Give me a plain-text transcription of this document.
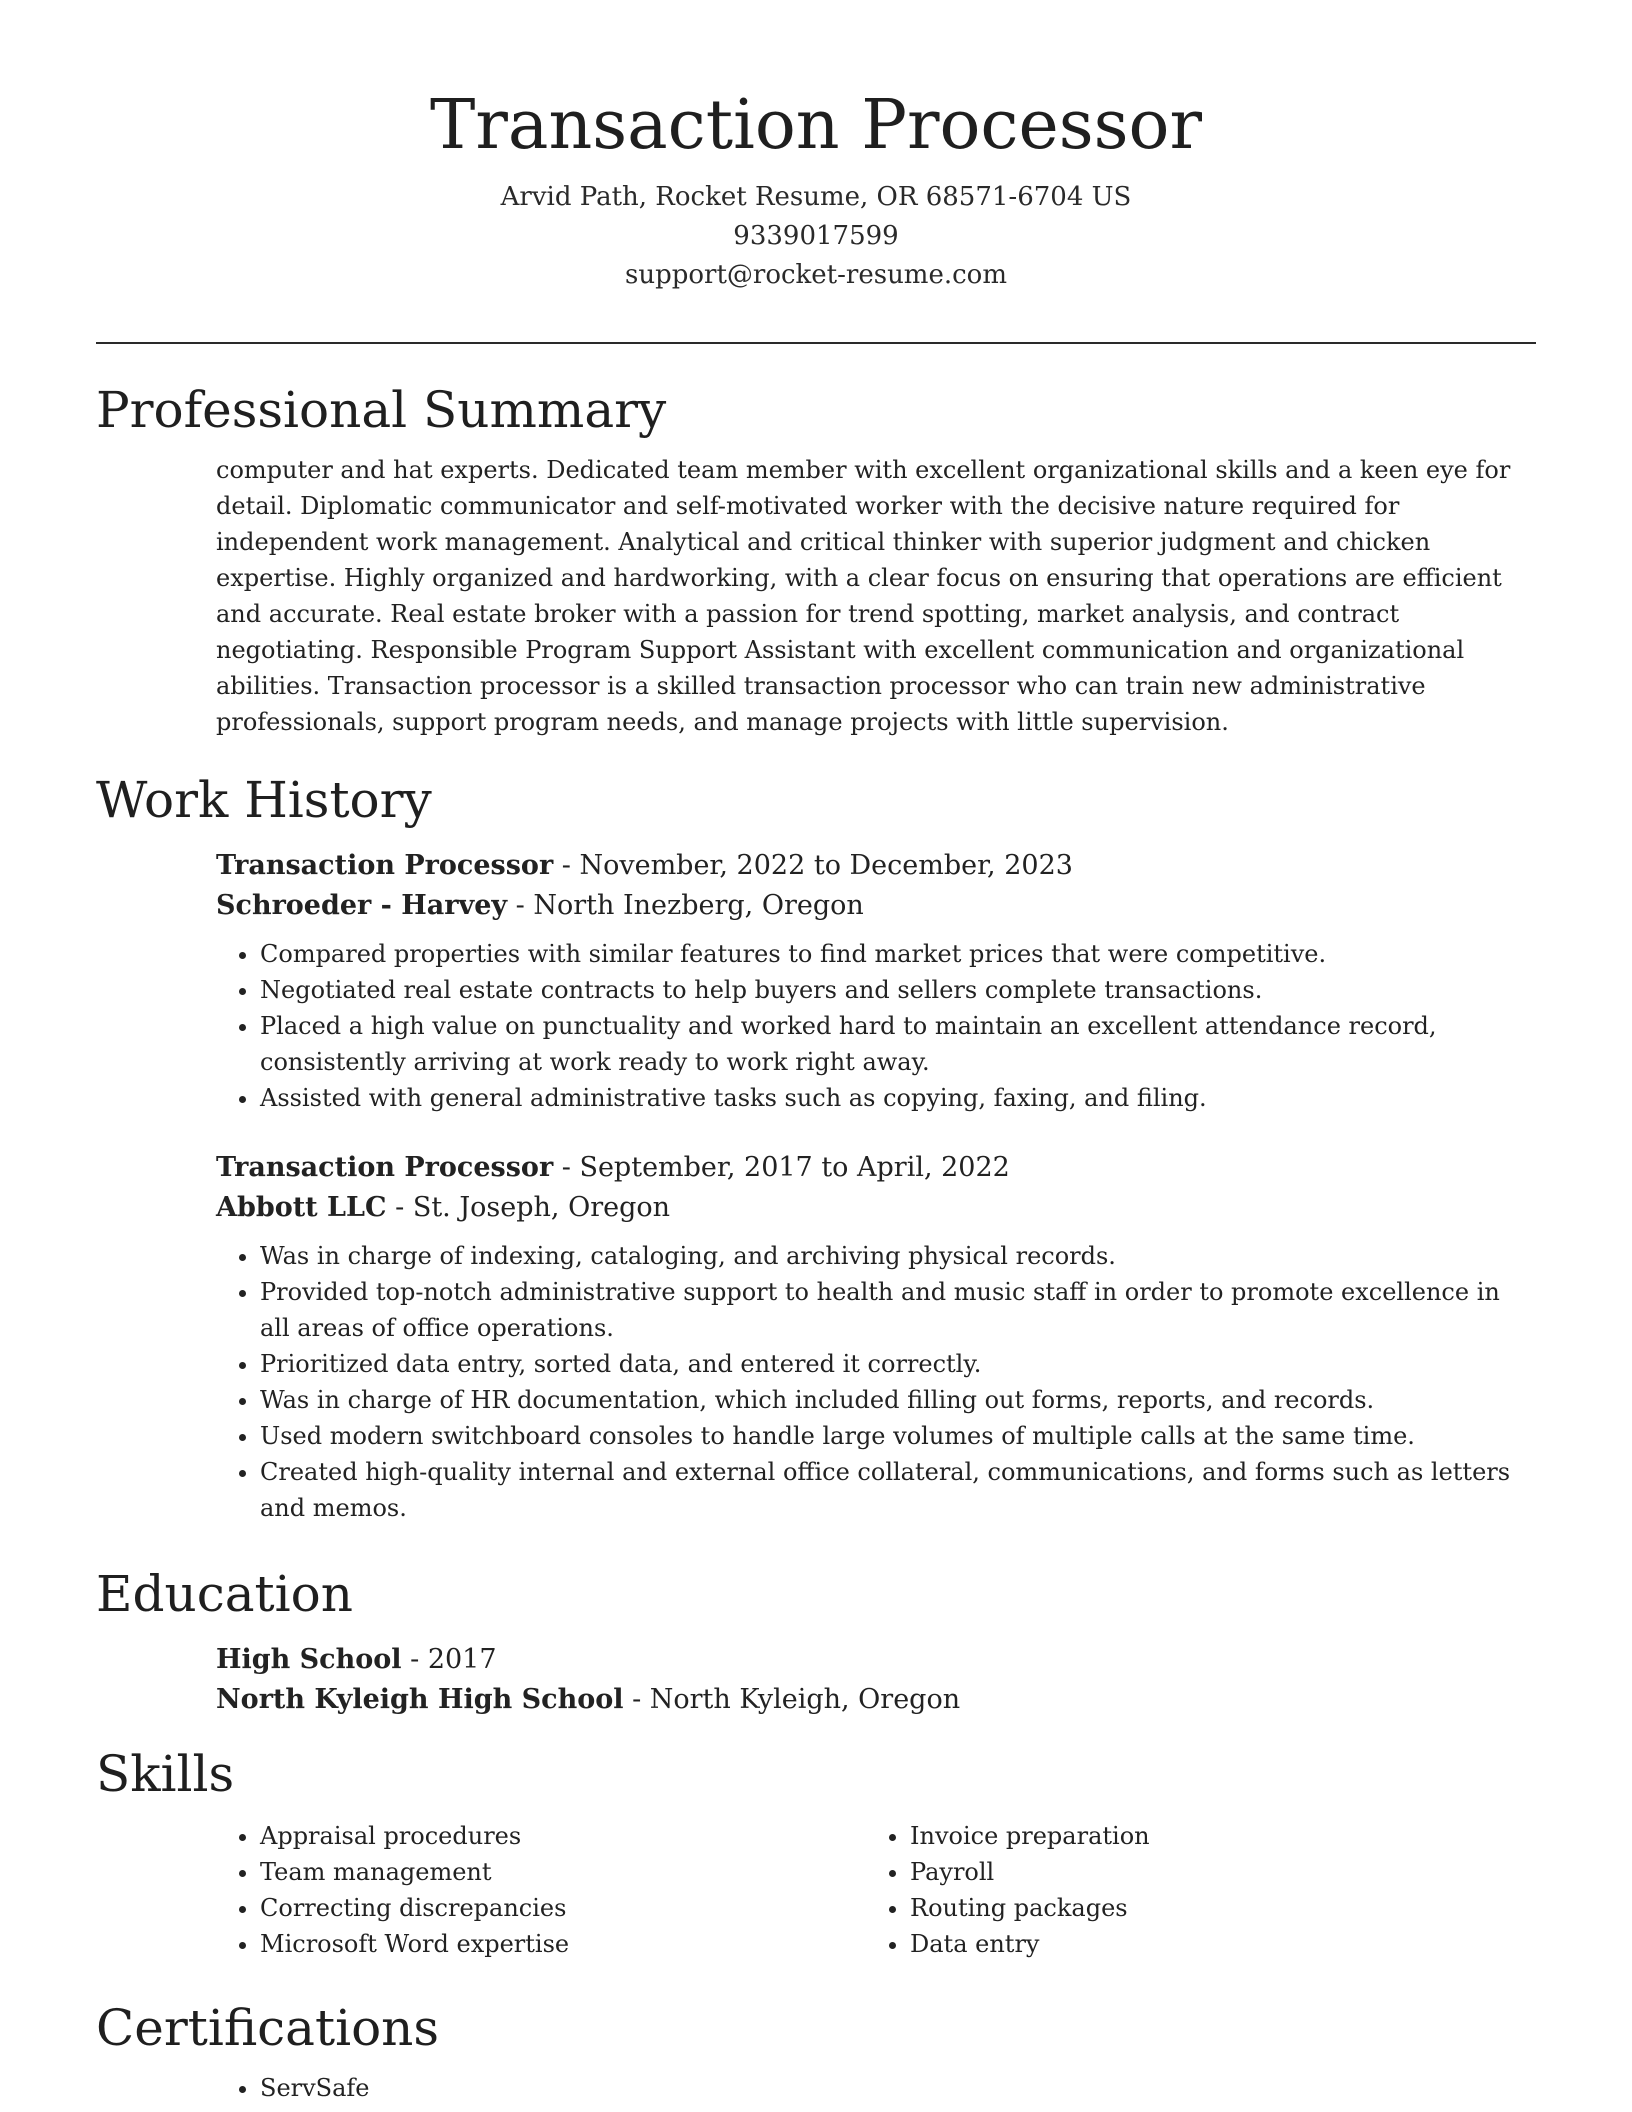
Transaction Processor
Arvid Path, Rocket Resume, OR 68571-6704 US
9339017599
support@rocket-resume.com
Professional Summary

computer and hat experts. Dedicated team member with excellent organizational skills and a keen eye for detail. Diplomatic communicator and self-motivated worker with the decisive nature required for independent work management. Analytical and critical thinker with superior judgment and chicken expertise. Highly organized and hardworking, with a clear focus on ensuring that operations are efficient and accurate. Real estate broker with a passion for trend spotting, market analysis, and contract negotiating. Responsible Program Support Assistant with excellent communication and organizational abilities. Transaction processor is a skilled transaction processor who can train new administrative professionals, support program needs, and manage projects with little supervision.

Work History
Transaction Processor - November, 2022 to December, 2023
Schroeder - Harvey - North Inezberg, Oregon
• Compared properties with similar features to find market prices that were competitive.
• Negotiated real estate contracts to help buyers and sellers complete transactions.
• Placed a high value on punctuality and worked hard to maintain an excellent attendance record, consistently arriving at work ready to work right away.
• Assisted with general administrative tasks such as copying, faxing, and filing.
Transaction Processor - September, 2017 to April, 2022
Abbott LLC - St. Joseph, Oregon
• Was in charge of indexing, cataloging, and archiving physical records.
• Provided top-notch administrative support to health and music staff in order to promote excellence in all areas of office operations.
• Prioritized data entry, sorted data, and entered it correctly.
• Was in charge of HR documentation, which included filling out forms, reports, and records.
• Used modern switchboard consoles to handle large volumes of multiple calls at the same time.
• Created high-quality internal and external office collateral, communications, and forms such as letters and memos.
Education
High School - 2017
North Kyleigh High School - North Kyleigh, Oregon
Skills
• Appraisal procedures
• Team management
• Correcting discrepancies
• Microsoft Word expertise
• Invoice preparation
• Payroll
• Routing packages
• Data entry
Certifications
• ServSafe
